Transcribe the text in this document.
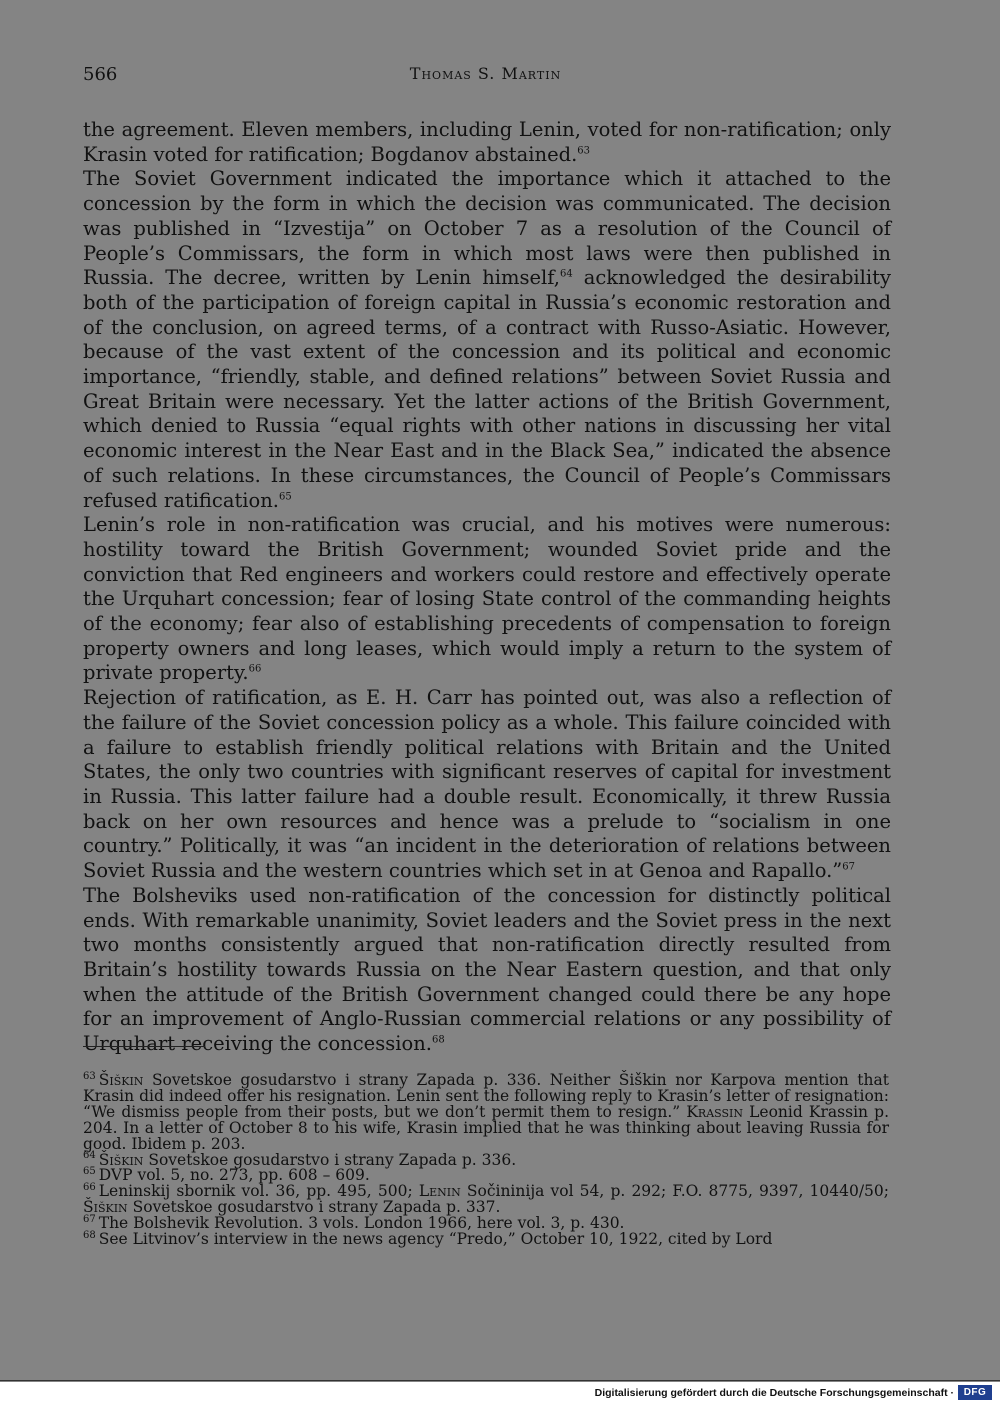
566	Thomas S. Martin

the agreement. Eleven members, including Lenin, voted for non-ratification; only Krasin voted for ratification; Bogdanov abstained.$^{63}$

The Soviet Government indicated the importance which it attached to the concession by the form in which the decision was communicated. The decision was published in “Izvestija” on October 7 as a resolution of the Council of People’s Commissars, the form in which most laws were then published in Russia. The decree, written by Lenin himself,$^{64}$ acknowledged the desirability both of the participation of foreign capital in Russia’s economic restoration and of the conclusion, on agreed terms, of a contract with Russo-Asiatic. However, because of the vast extent of the concession and its political and economic importance, “friendly, stable, and defined relations” between Soviet Russia and Great Britain were necessary. Yet the latter actions of the British Government, which denied to Russia “equal rights with other nations in discussing her vital economic interest in the Near East and in the Black Sea,” indicated the absence of such relations. In these circumstances, the Council of People’s Commissars refused ratification.$^{65}$

Lenin’s role in non-ratification was crucial, and his motives were numerous: hostility toward the British Government; wounded Soviet pride and the conviction that Red engineers and workers could restore and effectively operate the Urquhart concession; fear of losing State control of the commanding heights of the economy; fear also of establishing precedents of compensation to foreign property owners and long leases, which would imply a return to the system of private property.$^{66}$

Rejection of ratification, as E. H. Carr has pointed out, was also a reflection of the failure of the Soviet concession policy as a whole. This failure coincided with a failure to establish friendly political relations with Britain and the United States, the only two countries with significant reserves of capital for investment in Russia. This latter failure had a double result. Economically, it threw Russia back on her own resources and hence was a prelude to “socialism in one country.” Politically, it was “an incident in the deterioration of relations between Soviet Russia and the western countries which set in at Genoa and Rapallo.”$^{67}$

The Bolsheviks used non-ratification of the concession for distinctly political ends. With remarkable unanimity, Soviet leaders and the Soviet press in the next two months consistently argued that non-ratification directly resulted from Britain’s hostility towards Russia on the Near Eastern question, and that only when the attitude of the British Government changed could there be any hope for an improvement of Anglo-Russian commercial relations or any possibility of Urquhart receiving the concession.$^{68}$

$^{63}$ Šiškin Sovetskoe gosudarstvo i strany Zapada p. 336. Neither Šiškin nor Karpova mention that Krasin did indeed offer his resignation. Lenin sent the following reply to Krasin’s letter of resignation: “We dismiss people from their posts, but we don’t permit them to resign.” Krassin Leonid Krassin p. 204. In a letter of October 8 to his wife, Krasin implied that he was thinking about leaving Russia for good. Ibidem p. 203.

$^{64}$ Šiškin Sovetskoe gosudarstvo i strany Zapada p. 336.

$^{65}$ DVP vol. 5, no. 273, pp. 608 – 609.

$^{66}$ Leninskij sbornik vol. 36, pp. 495, 500; Lenin Sočininija vol 54, p. 292; F.O. 8775, 9397, 10440/50; Šiškin Sovetskoe gosudarstvo i strany Zapada p. 337.

$^{67}$ The Bolshevik Revolution. 3 vols. London 1966, here vol. 3, p. 430.

$^{68}$ See Litvinov’s interview in the news agency “Predo,” October 10, 1922, cited by Lord

Digitalisierung gefördert durch die Deutsche Forschungsgemeinschaft · DFG
